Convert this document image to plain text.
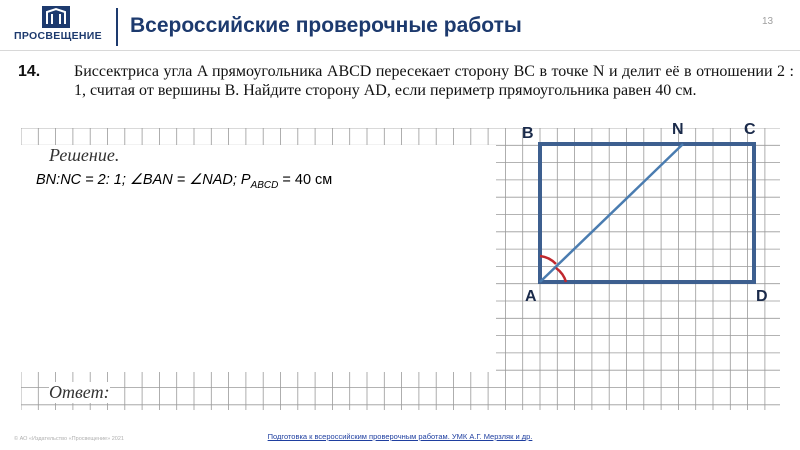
ПРОСВЕЩЕНИЕ Всероссийские проверочные работы	13
14. Биссектриса угла A прямоугольника ABCD пересекает сторону BC в точке N и делит её в отношении 2 : 1, считая от вершины B. Найдите сторону AD, если периметр прямоугольника равен 40 см.
Решение.
Ответ:
BN:NC = 2: 1; ∠BAN = ∠NAD; $P_{ABCD} = 40$ см
B	N	C
A	D
© АО «Издательство «Просвещение» 2021	Подготовка к всероссийским проверочным работам. УМК А.Г. Мерзляк и др.
